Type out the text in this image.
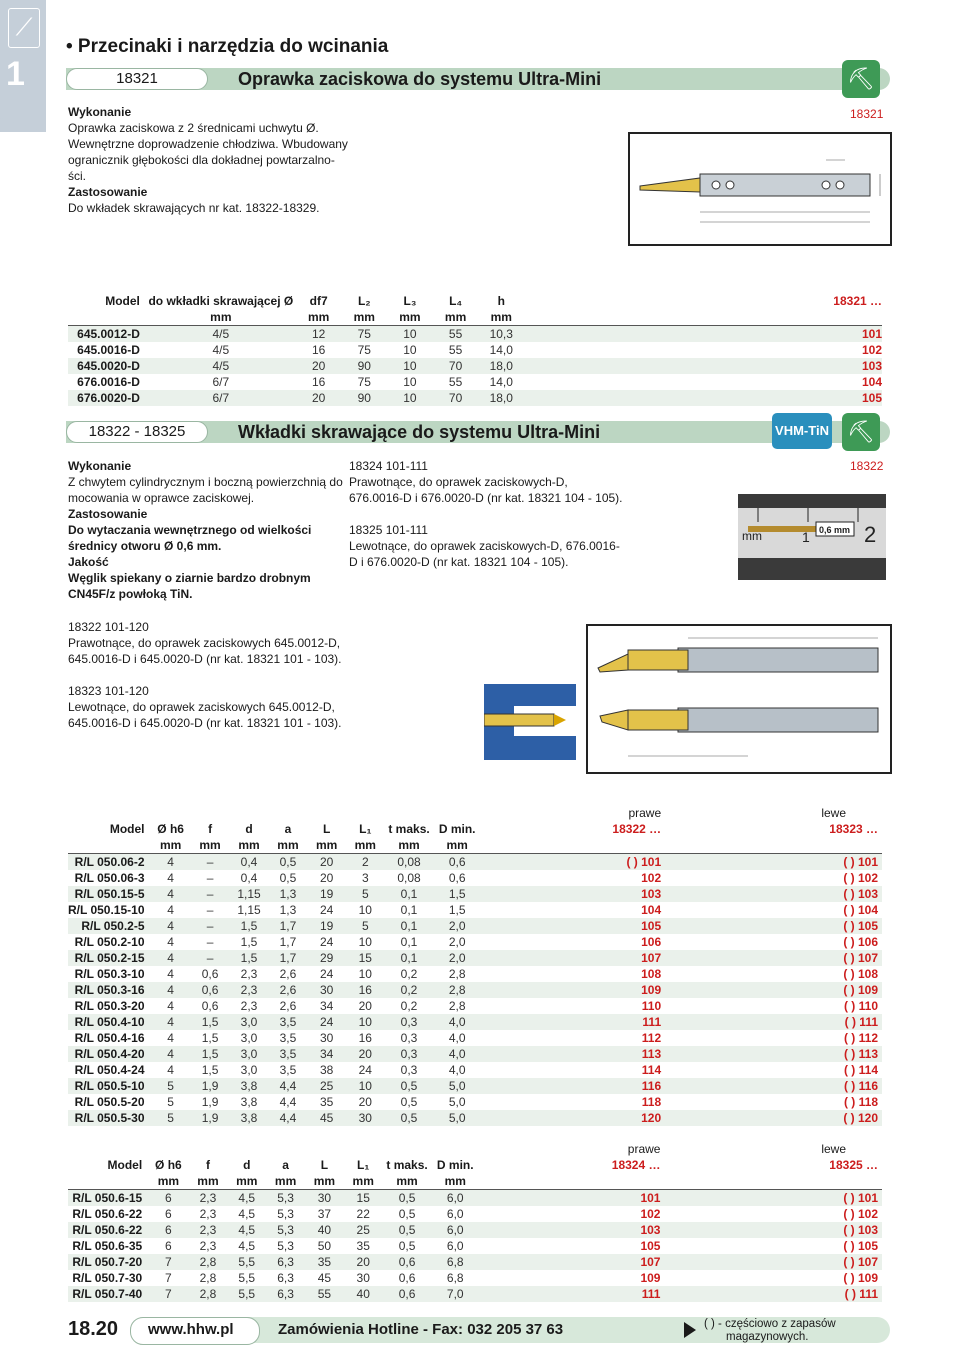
⟋
1
• Przecinaki i narzędzia do wcinania
18321	Oprawka zaciskowa do systemu Ultra-Mini	⛏
18321
Wykonanie
Oprawka zaciskowa z 2 średnicami uchwytu Ø.
Wewnętrzne doprowadzenie chłodziwa. Wbudowany
ogranicznik głębokości dla dokładnej powtarzalno-
ści.
Zastosowanie
Do wkładek skrawających nr kat. 18322-18329.
Model	do wkładki skrawającej Ø	df7	L₂	L₃	L₄	h	18321 …
	mm	mm	mm	mm	mm	mm	
645.0012-D	4/5	12	75	10	55	10,3	101
645.0016-D	4/5	16	75	10	55	14,0	102
645.0020-D	4/5	20	90	10	70	18,0	103
676.0016-D	6/7	16	75	10	55	14,0	104
676.0020-D	6/7	20	90	10	70	18,0	105
18322 - 18325	Wkładki skrawające do systemu Ultra-Mini	VHM-TiN ⛏
18322
Wykonanie
Z chwytem cylindrycznym i boczną powierzchnią do
mocowania w oprawce zaciskowej.
Zastosowanie
Do wytaczania wewnętrznego od wielkości
średnicy otworu Ø 0,6 mm.
Jakość
Węglik spiekany o ziarnie bardzo drobnym
CN45F/z powłoką TiN.
18324 101-111
Prawotnące, do oprawek zaciskowych-D,
676.0016-D i 676.0020-D (nr kat. 18321 104 - 105).

18325 101-111
Lewotnące, do oprawek zaciskowych-D, 676.0016-
D i 676.0020-D (nr kat. 18321 104 - 105).
1 2
mm	0,6 mm
18322 101-120
Prawotnące, do oprawek zaciskowych 645.0012-D,
645.0016-D i 645.0020-D (nr kat. 18321 101 - 103).
18323 101-120
Lewotnące, do oprawek zaciskowych 645.0012-D,
645.0016-D i 645.0020-D (nr kat. 18321 101 - 103).
									prawe	lewe
Model	Ø h6	f	d	a	L	L₁	t maks.	D min.	18322 …	18323 …
	mm	mm	mm	mm	mm	mm	mm	mm		
R/L 050.06-2	4	–	0,4	0,5	20	2	0,08	0,6	( ) 101	( ) 101
R/L 050.06-3	4	–	0,4	0,5	20	3	0,08	0,6	102	( ) 102
R/L 050.15-5	4	–	1,15	1,3	19	5	0,1	1,5	103	( ) 103
R/L 050.15-10	4	–	1,15	1,3	24	10	0,1	1,5	104	( ) 104
R/L 050.2-5	4	–	1,5	1,7	19	5	0,1	2,0	105	( ) 105
R/L 050.2-10	4	–	1,5	1,7	24	10	0,1	2,0	106	( ) 106
R/L 050.2-15	4	–	1,5	1,7	29	15	0,1	2,0	107	( ) 107
R/L 050.3-10	4	0,6	2,3	2,6	24	10	0,2	2,8	108	( ) 108
R/L 050.3-16	4	0,6	2,3	2,6	30	16	0,2	2,8	109	( ) 109
R/L 050.3-20	4	0,6	2,3	2,6	34	20	0,2	2,8	110	( ) 110
R/L 050.4-10	4	1,5	3,0	3,5	24	10	0,3	4,0	111	( ) 111
R/L 050.4-16	4	1,5	3,0	3,5	30	16	0,3	4,0	112	( ) 112
R/L 050.4-20	4	1,5	3,0	3,5	34	20	0,3	4,0	113	( ) 113
R/L 050.4-24	4	1,5	3,0	3,5	38	24	0,3	4,0	114	( ) 114
R/L 050.5-10	5	1,9	3,8	4,4	25	10	0,5	5,0	116	( ) 116
R/L 050.5-20	5	1,9	3,8	4,4	35	20	0,5	5,0	118	( ) 118
R/L 050.5-30	5	1,9	3,8	4,4	45	30	0,5	5,0	120	( ) 120
									prawe	lewe
Model	Ø h6	f	d	a	L	L₁	t maks.	D min.	18324 …	18325 …
	mm	mm	mm	mm	mm	mm	mm	mm		
R/L 050.6-15	6	2,3	4,5	5,3	30	15	0,5	6,0	101	( ) 101
R/L 050.6-22	6	2,3	4,5	5,3	37	22	0,5	6,0	102	( ) 102
R/L 050.6-22	6	2,3	4,5	5,3	40	25	0,5	6,0	103	( ) 103
R/L 050.6-35	6	2,3	4,5	5,3	50	35	0,5	6,0	105	( ) 105
R/L 050.7-20	7	2,8	5,5	6,3	35	20	0,6	6,8	107	( ) 107
R/L 050.7-30	7	2,8	5,5	6,3	45	30	0,6	6,8	109	( ) 109
R/L 050.7-40	7	2,8	5,5	6,3	55	40	0,6	7,0	111	( ) 111
18.20 www.hhw.pl	Zamówienia Hotline - Fax: 032 205 37 63	( ) - częściowo z zapasów
magazynowych.
